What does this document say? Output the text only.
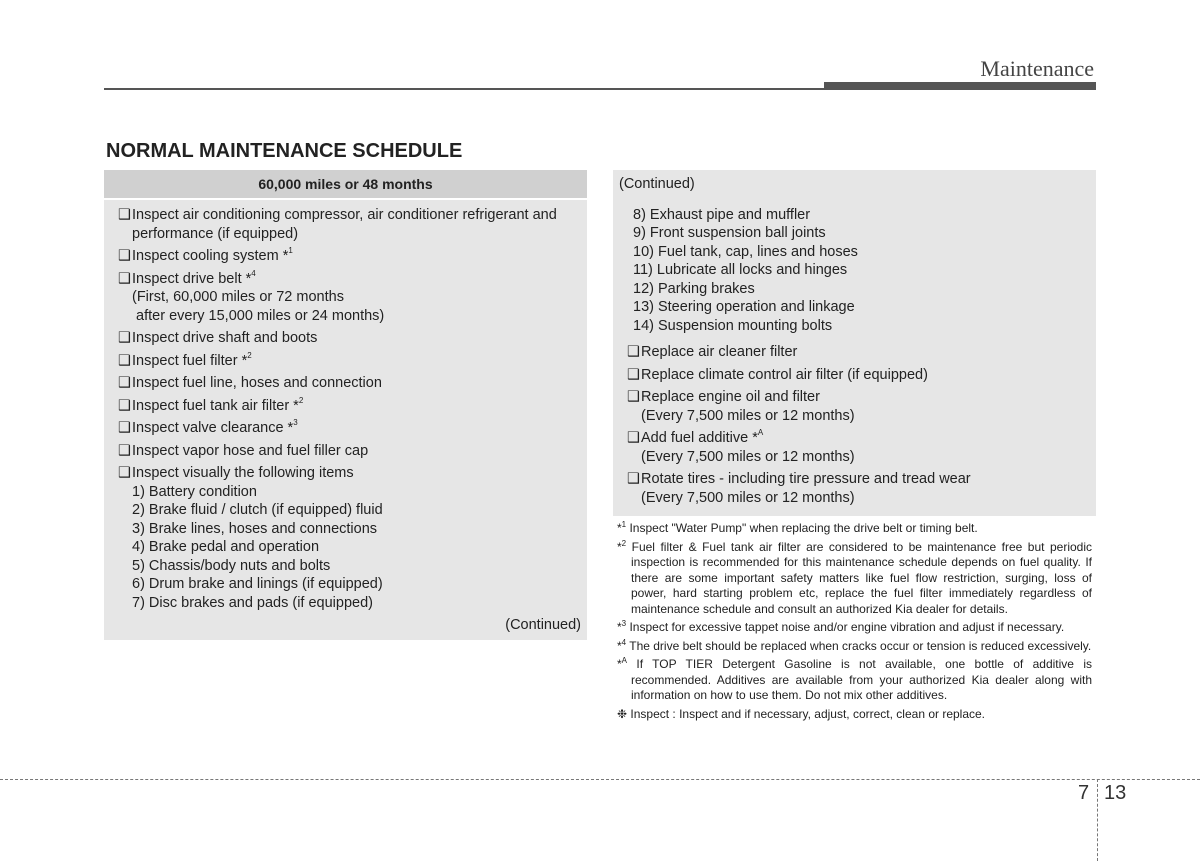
Maintenance
NORMAL MAINTENANCE SCHEDULE
60,000 miles or 48 months
❑Inspect air conditioning compressor, air conditioner refrigerant and performance (if equipped)
❑Inspect cooling system *$^1$
❑Inspect drive belt *$^4$
(First, 60,000 miles or 72 months
after every 15,000 miles or 24 months)
❑Inspect drive shaft and boots
❑Inspect fuel filter *$^2$
❑Inspect fuel line, hoses and connection
❑Inspect fuel tank air filter *$^2$
❑Inspect valve clearance *$^3$
❑Inspect vapor hose and fuel filler cap
❑Inspect visually the following items
1) Battery condition
2) Brake fluid / clutch (if equipped) fluid
3) Brake lines, hoses and connections
4) Brake pedal and operation
5) Chassis/body nuts and bolts
6) Drum brake and linings (if equipped)
7) Disc brakes and pads (if equipped)
(Continued)
(Continued)
8) Exhaust pipe and muffler
9) Front suspension ball joints
10) Fuel tank, cap, lines and hoses
11) Lubricate all locks and hinges
12) Parking brakes
13) Steering operation and linkage
14) Suspension mounting bolts
❑Replace air cleaner filter
❑Replace climate control air filter (if equipped)
❑Replace engine oil and filter
(Every 7,500 miles or 12 months)
❑Add fuel additive *$^A$
(Every 7,500 miles or 12 months)
❑Rotate tires - including tire pressure and tread wear
(Every 7,500 miles or 12 months)
*$^1$ Inspect "Water Pump" when replacing the drive belt or timing belt.
*$^2$ Fuel filter & Fuel tank air filter are considered to be maintenance free but periodic inspection is recommended for this maintenance schedule depends on fuel quality. If there are some important safety matters like fuel flow restriction, surging, loss of power, hard starting problem etc, replace the fuel filter immediately regardless of maintenance schedule and consult an authorized Kia dealer for details.
*$^3$ Inspect for excessive tappet noise and/or engine vibration and adjust if necessary.
*$^4$ The drive belt should be replaced when cracks occur or tension is reduced excessively.
*$^A$ If TOP TIER Detergent Gasoline is not available, one bottle of additive is recommended. Additives are available from your authorized Kia dealer along with information on how to use them. Do not mix other additives.
❉ Inspect : Inspect and if necessary, adjust, correct, clean or replace.
7 13
